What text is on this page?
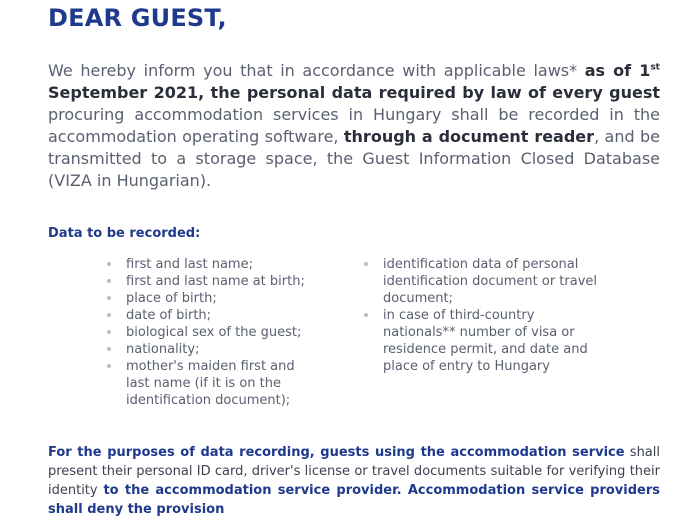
DEAR GUEST,

We hereby inform you that in accordance with applicable laws* as of 1st September 2021, the personal data required by law of every guest procuring accommodation services in Hungary shall be recorded in the accommodation operating software, through a document reader, and be transmitted to a storage space, the Guest Information Closed Database (VIZA in Hungarian).

Data to be recorded:
first and last name;
first and last name at birth;
place of birth;
date of birth;
biological sex of the guest;
nationality;
mother's maiden first and last name (if it is on the identification document);
identification data of personal identification document or travel document;
in case of third-country nationals** number of visa or residence permit, and date and place of entry to Hungary

For the purposes of data recording, guests using the accommodation service shall present their personal ID card, driver's license or travel documents suitable for verifying their identity to the accommodation service provider. Accommodation service providers shall deny the provision
